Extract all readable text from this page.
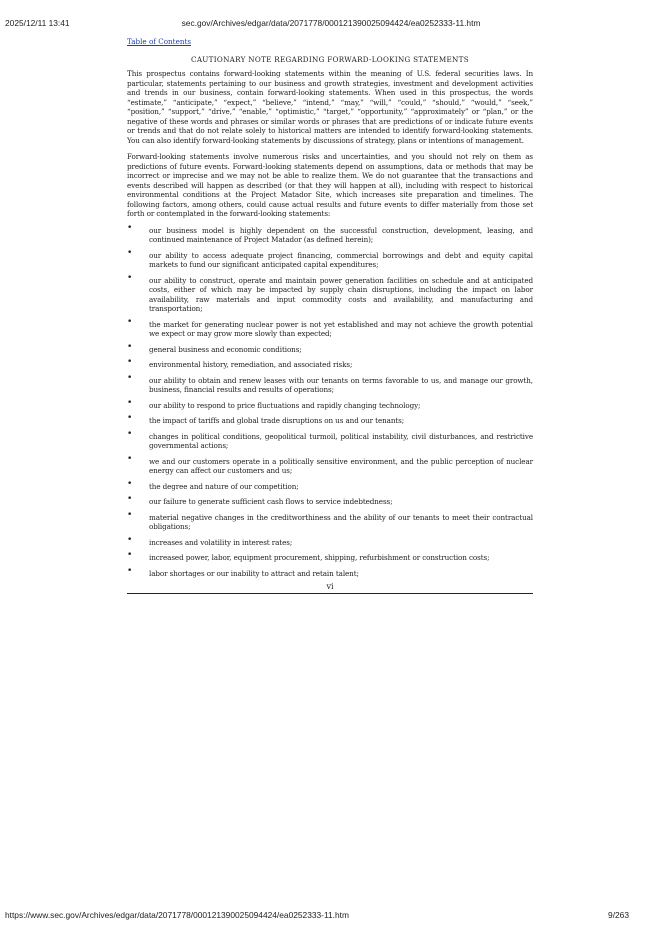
2025/12/11 13:41	sec.gov/Archives/edgar/data/2071778/000121390025094424/ea0252333-11.htm
Table of Contents
CAUTIONARY NOTE REGARDING FORWARD-LOOKING STATEMENTS

This prospectus contains forward-looking statements within the meaning of U.S. federal securities laws. In particular, statements pertaining to our business and growth strategies, investment and development activities and trends in our business, contain forward-looking statements. When used in this prospectus, the words “estimate,” “anticipate,” “expect,” “believe,” “intend,” “may,” “will,” “could,” “should,” “would,” “seek,” “position,” “support,” “drive,” “enable,” “optimistic,” “target,” “opportunity,” “approximately” or “plan,” or the negative of these words and phrases or similar words or phrases that are predictions of or indicate future events or trends and that do not relate solely to historical matters are intended to identify forward-looking statements. You can also identify forward-looking statements by discussions of strategy, plans or intentions of management.

Forward-looking statements involve numerous risks and uncertainties, and you should not rely on them as predictions of future events. Forward-looking statements depend on assumptions, data or methods that may be incorrect or imprecise and we may not be able to realize them. We do not guarantee that the transactions and events described will happen as described (or that they will happen at all), including with respect to historical environmental conditions at the Project Matador Site, which increases site preparation and timelines. The following factors, among others, could cause actual results and future events to differ materially from those set forth or contemplated in the forward-looking statements:

• our business model is highly dependent on the successful construction, development, leasing, and continued maintenance of Project Matador (as defined herein);
• our ability to access adequate project financing, commercial borrowings and debt and equity capital markets to fund our significant anticipated capital expenditures;
• our ability to construct, operate and maintain power generation facilities on schedule and at anticipated costs, either of which may be impacted by supply chain disruptions, including the impact on labor availability, raw materials and input commodity costs and availability, and manufacturing and transportation;
• the market for generating nuclear power is not yet established and may not achieve the growth potential we expect or may grow more slowly than expected;
• general business and economic conditions;
• environmental history, remediation, and associated risks;
• our ability to obtain and renew leases with our tenants on terms favorable to us, and manage our growth, business, financial results and results of operations;
• our ability to respond to price fluctuations and rapidly changing technology;
• the impact of tariffs and global trade disruptions on us and our tenants;
• changes in political conditions, geopolitical turmoil, political instability, civil disturbances, and restrictive governmental actions;
• we and our customers operate in a politically sensitive environment, and the public perception of nuclear energy can affect our customers and us;
• the degree and nature of our competition;
• our failure to generate sufficient cash flows to service indebtedness;
• material negative changes in the creditworthiness and the ability of our tenants to meet their contractual obligations;
• increases and volatility in interest rates;
• increased power, labor, equipment procurement, shipping, refurbishment or construction costs;
• labor shortages or our inability to attract and retain talent;
vi
https://www.sec.gov/Archives/edgar/data/2071778/000121390025094424/ea0252333-11.htm	9/263
